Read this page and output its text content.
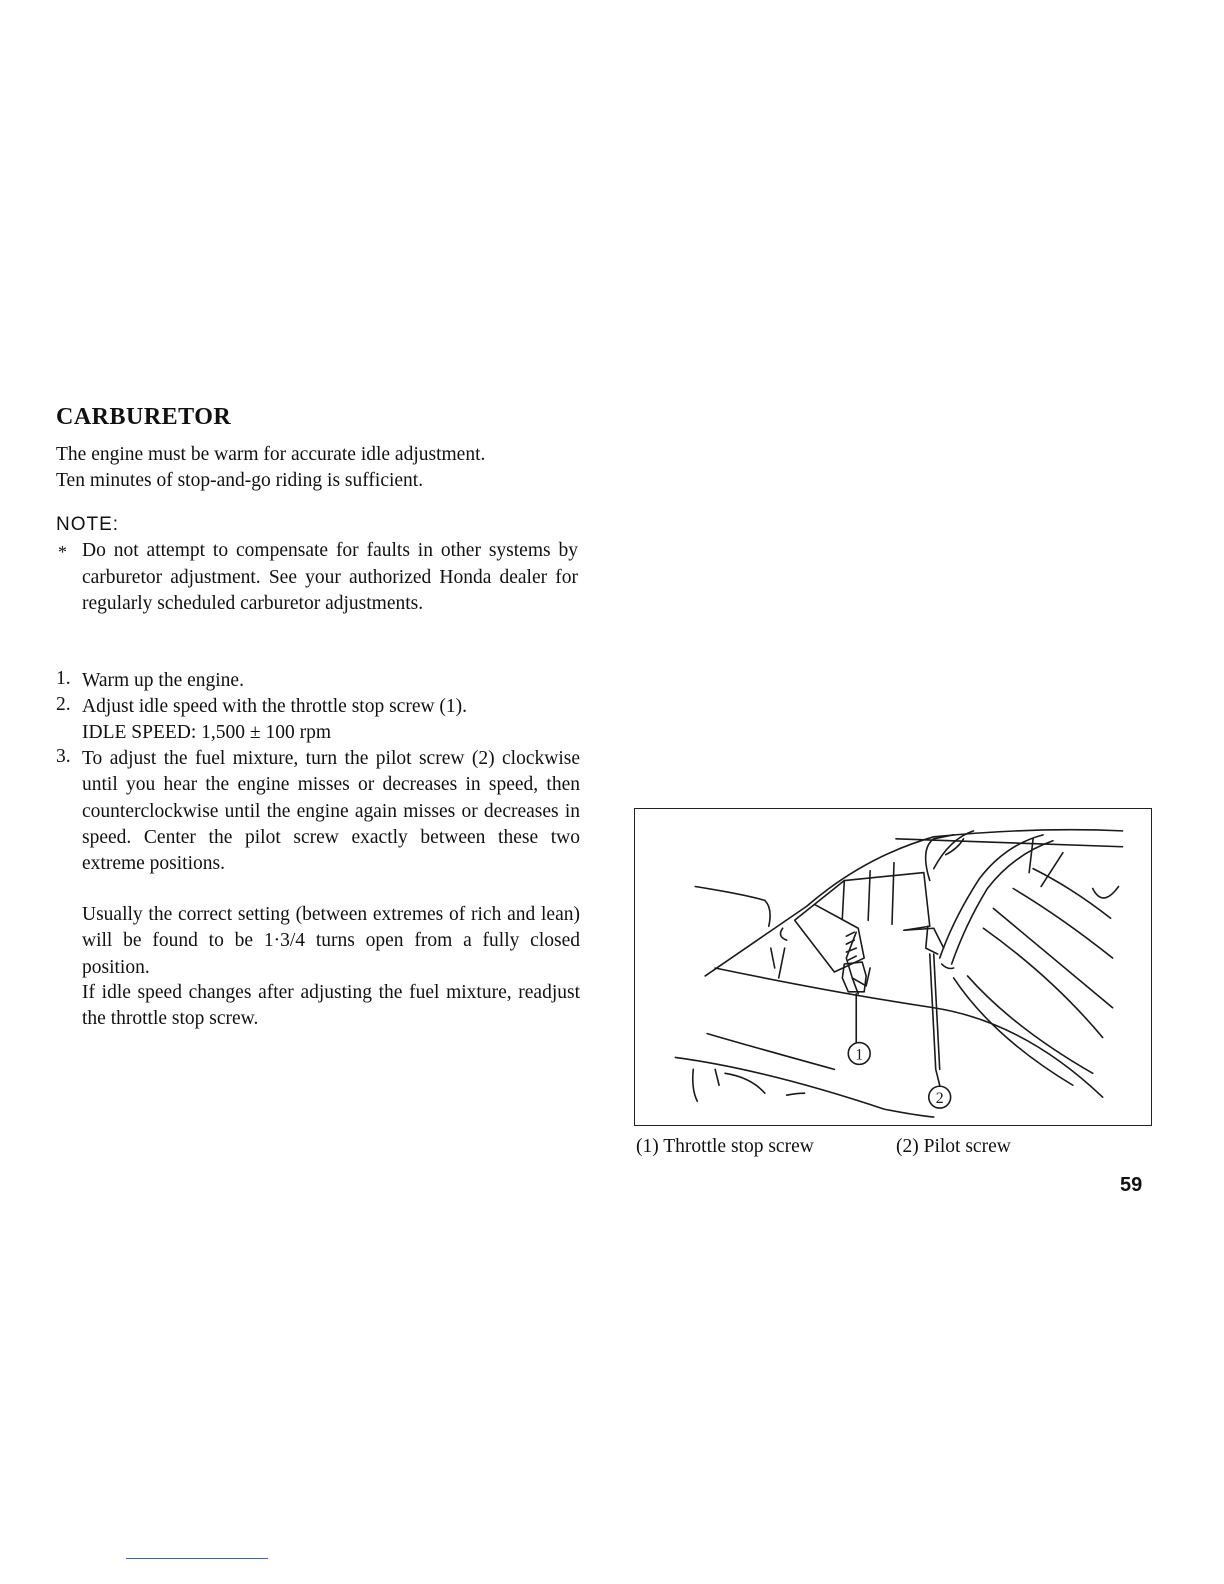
CARBURETOR
The engine must be warm for accurate idle adjustment.
Ten minutes of stop-and-go riding is sufficient.
NOTE:
* Do not attempt to compensate for faults in other systems by carburetor adjustment. See your authorized Honda dealer for regularly scheduled carburetor adjustments.
1. Warm up the engine.
2. Adjust idle speed with the throttle stop screw (1).
IDLE SPEED: 1,500 ± 100 rpm
3. To adjust the fuel mixture, turn the pilot screw (2) clockwise until you hear the engine misses or decreases in speed, then counterclockwise until the engine again misses or decreases in speed. Center the pilot screw exactly between these two extreme positions.
Usually the correct setting (between extremes of rich and lean) will be found to be 1·3/4 turns open from a fully closed position.
If idle speed changes after adjusting the fuel mixture, readjust the throttle stop screw.
1
2
(1) Throttle stop screw	(2) Pilot screw
59
